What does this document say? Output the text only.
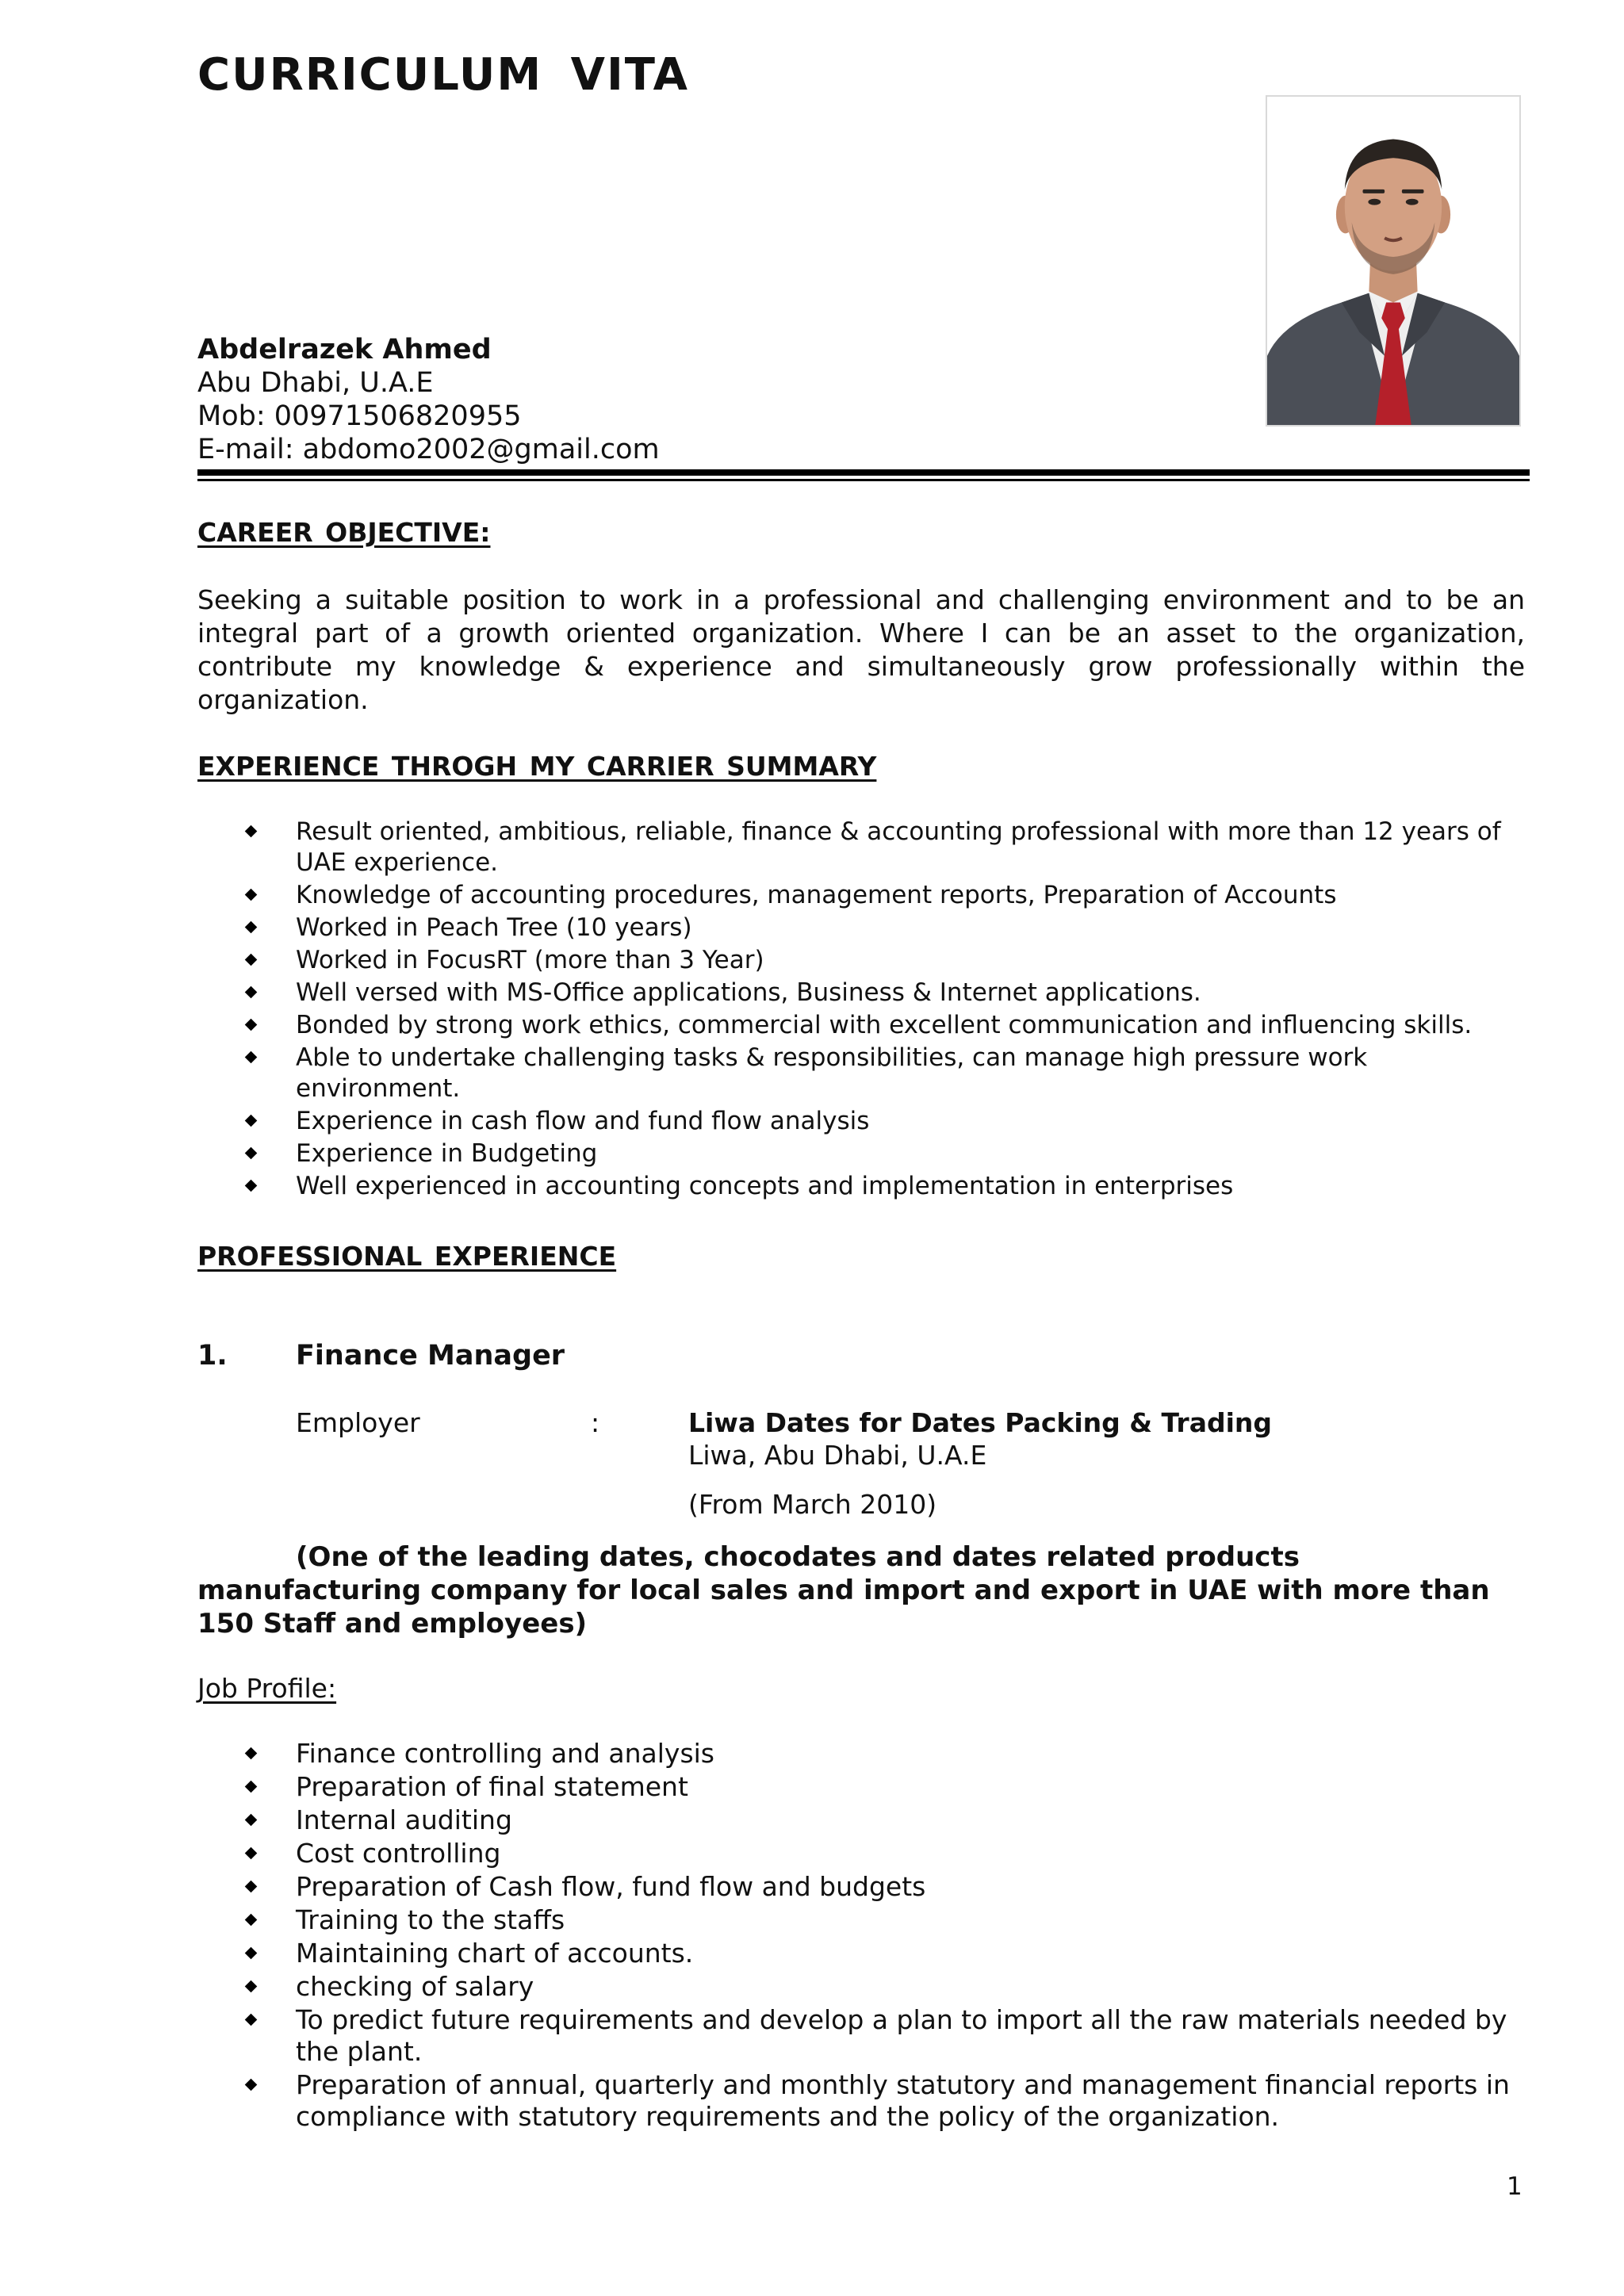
CURRICULUM VITA
Abdelrazek Ahmed
Abu Dhabi, U.A.E
Mob: 00971506820955
E-mail: abdomo2002@gmail.com
CAREER OBJECTIVE:

Seeking a suitable position to work in a professional and challenging environment and to be an integral part of a growth oriented organization. Where I can be an asset to the organization, contribute my knowledge & experience and simultaneously grow professionally within the organization.

EXPERIENCE THROGH MY CARRIER SUMMARY
Result oriented, ambitious, reliable, finance & accounting professional with more than 12 years of UAE experience.
Knowledge of accounting procedures, management reports, Preparation of Accounts
Worked in Peach Tree (10 years)
Worked in FocusRT (more than 3 Year)
Well versed with MS-Office applications, Business & Internet applications.
Bonded by strong work ethics, commercial with excellent communication and influencing skills.
Able to undertake challenging tasks & responsibilities, can manage high pressure work environment.
Experience in cash flow and fund flow analysis
Experience in Budgeting
Well experienced in accounting concepts and implementation in enterprises
PROFESSIONAL EXPERIENCE
1. Finance Manager
Employer	:	Liwa Dates for Dates Packing & Trading
Liwa, Abu Dhabi, U.A.E
(From March 2010)

(One of the leading dates, chocodates and dates related products manufacturing company for local sales and import and export in UAE with more than 150 Staff and employees)

Job Profile:
Finance controlling and analysis
Preparation of final statement
Internal auditing
Cost controlling
Preparation of Cash flow, fund flow and budgets
Training to the staffs
Maintaining chart of accounts.
checking of salary
To predict future requirements and develop a plan to import all the raw materials needed by the plant.
Preparation of annual, quarterly and monthly statutory and management financial reports in compliance with statutory requirements and the policy of the organization.
1
